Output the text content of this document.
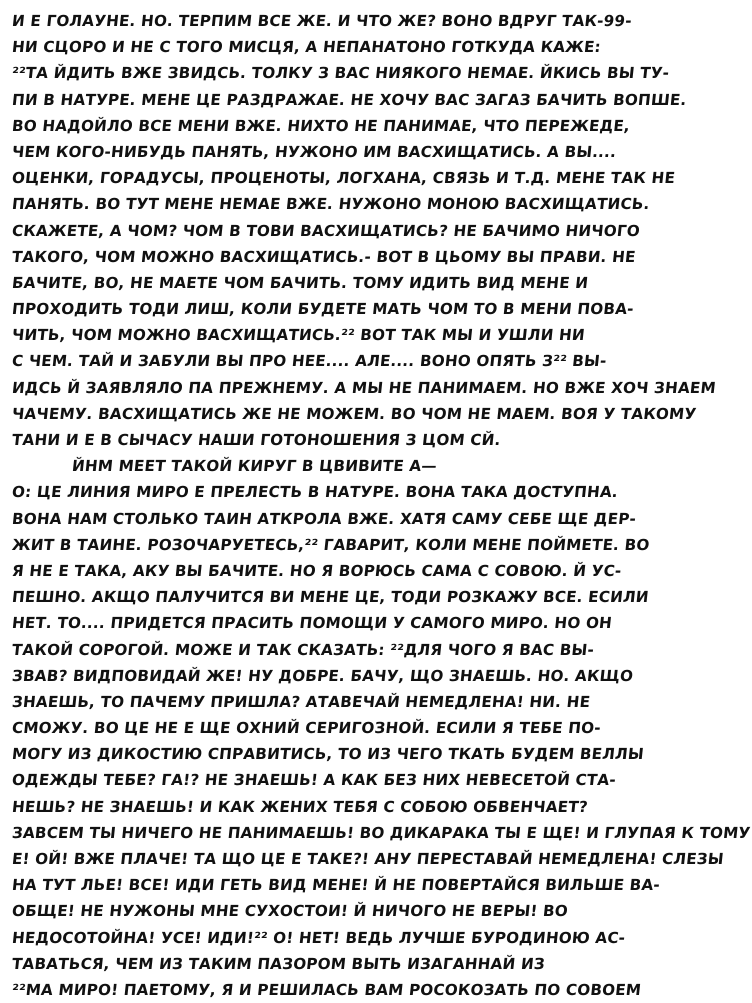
И Е ГОЛАУНЕ. НО. ТЕРПИМ ВСЕ ЖЕ. И ЧТО ЖЕ? ВОНО ВДРУГ ТАК-99-
НИ СЦОРО И НЕ С ТОГО МИСЦЯ, А НЕПАНАТОНО ГОТКУДА КАЖЕ:
²²ТА ЙДИТЬ ВЖЕ ЗВИДСЬ. ТОЛКУ З ВАС НИЯКОГО НЕМАЕ. ЙКИСЬ ВЫ ТУ-
ПИ В НАТУРЕ. МЕНЕ ЦЕ РАЗДРАЖАЕ. НЕ ХОЧУ ВАС ЗАГАЗ БАЧИТЬ ВОПШЕ.
ВО НАДОЙЛО ВСЕ МЕНИ ВЖЕ. НИХТО НЕ ПАНИМАЕ, ЧТО ПЕРЕЖЕДЕ,
ЧЕМ КОГО-НИБУДЬ ПАНЯТЬ, НУЖОНО ИМ ВАСХИЩАТИСЬ. А ВЫ....
ОЦЕНКИ, ГОРАДУСЫ, ПРОЦЕНОТЫ, ЛОГХАНА, СВЯЗЬ И Т.Д. МЕНЕ ТАК НЕ
ПАНЯТЬ. ВО ТУТ МЕНЕ НЕМАЕ ВЖЕ. НУЖОНО МОНОЮ ВАСХИЩАТИСЬ.
СКАЖЕТЕ, А ЧОМ? ЧОМ В ТОВИ ВАСХИЩАТИСЬ? НЕ БАЧИМО НИЧОГО
ТАКОГО, ЧОМ МОЖНО ВАСХИЩАТИСЬ.- ВОТ В ЦЬОМУ ВЫ ПРАВИ. НЕ
БАЧИТЕ, ВО, НЕ МАЕТЕ ЧОМ БАЧИТЬ. ТОМУ ИДИТЬ ВИД МЕНЕ И
ПРОХОДИТЬ ТОДИ ЛИШ, КОЛИ БУДЕТЕ МАТЬ ЧОМ ТО В МЕНИ ПОВА-
ЧИТЬ, ЧОМ МОЖНО ВАСХИЩАТИСЬ.²² ВОТ ТАК МЫ И УШЛИ НИ
С ЧЕМ. ТАЙ И ЗАБУЛИ ВЫ ПРО НЕЕ.... АЛЕ.... ВОНО ОПЯТЬ З²² ВЫ-
ИДСЬ Й ЗАЯВЛЯЛО ПА ПРЕЖНЕМУ. А МЫ НЕ ПАНИМАЕМ. НО ВЖЕ ХОЧ ЗНАЕМ
ЧАЧЕМУ. ВАСХИЩАТИСЬ ЖЕ НЕ МОЖЕМ. ВО ЧОМ НЕ МАЕМ. ВОЯ У ТАКОМУ
ТАНИ И Е В СЫЧАСУ НАШИ ГОТОНОШЕНИЯ З ЦОМ СЙ.
ЙНМ МЕЕТ ТАКОЙ КИРУГ В ЦВИВИТЕ А—
О: ЦЕ ЛИНИЯ МИРО Е ПРЕЛЕСТЬ В НАТУРЕ. ВОНА ТАКА ДОСТУПНА.
ВОНА НАМ СТОЛЬКО ТАИН АТКРОЛА ВЖЕ. ХАТЯ САМУ СЕБЕ ЩЕ ДЕР-
ЖИТ В ТАИНЕ. РОЗОЧАРУЕТЕСЬ,²² ГАВАРИТ, КОЛИ МЕНЕ ПОЙМЕТЕ. ВО
Я НЕ Е ТАКА, АКУ ВЫ БАЧИТЕ. НО Я ВОРЮСЬ САМА С СОВОЮ. Й УС-
ПЕШНО. АКЩО ПАЛУЧИТСЯ ВИ МЕНЕ ЦЕ, ТОДИ РОЗКАЖУ ВСЕ. ЕСИЛИ
НЕТ. ТО.... ПРИДЕТСЯ ПРАСИТЬ ПОМОЩИ У САМОГО МИРО. НО ОН
ТАКОЙ СОРОГОЙ. МОЖЕ И ТАК СКАЗАТЬ: ²²ДЛЯ ЧОГО Я ВАС ВЫ-
ЗВАВ? ВИДПОВИДАЙ ЖЕ! НУ ДОБРЕ. БАЧУ, ЩО ЗНАЕШЬ. НО. АКЩО
ЗНАЕШЬ, ТО ПАЧЕМУ ПРИШЛА? АТАВЕЧАЙ НЕМЕДЛЕНА! НИ. НЕ
СМОЖУ. ВО ЦЕ НЕ Е ЩЕ ОХНИЙ СЕРИГОЗНОЙ. ЕСИЛИ Я ТЕБЕ ПО-
МОГУ ИЗ ДИКОСТИЮ СПРАВИТИСЬ, ТО ИЗ ЧЕГО ТКАТЬ БУДЕМ ВЕЛЛЫ
ОДЕЖДЫ ТЕБЕ? ГА!? НЕ ЗНАЕШЬ! А КАК БЕЗ НИХ НЕВЕСЕТОЙ СТА-
НЕШЬ? НЕ ЗНАЕШЬ! И КАК ЖЕНИХ ТЕБЯ С СОБОЮ ОБВЕНЧАЕТ?
ЗАВСЕМ ТЫ НИЧЕГО НЕ ПАНИМАЕШЬ! ВО ДИКАРАКА ТЫ Е ЩЕ! И ГЛУПАЯ К ТОМУ
Е! ОЙ! ВЖЕ ПЛАЧЕ! ТА ЩО ЦЕ Е ТАКЕ?! АНУ ПЕРЕСТАВАЙ НЕМЕДЛЕНА! СЛЕЗЫ
НА ТУТ ЛЬЕ! ВСЕ! ИДИ ГЕТЬ ВИД МЕНЕ! Й НЕ ПОВЕРТАЙСЯ ВИЛЬШЕ ВА-
ОБЩЕ! НЕ НУЖОНЫ МНЕ СУХОСТОИ! Й НИЧОГО НЕ ВЕРЫ! ВО
НЕДОСОТОЙНА! УСЕ! ИДИ!²² О! НЕТ! ВЕДЬ ЛУЧШЕ БУРОДИНОЮ АС-
ТАВАТЬСЯ, ЧЕМ ИЗ ТАКИМ ПАЗОРОМ ВЫТЬ ИЗАГАННАЙ ИЗ
²²МА МИРО! ПАЕТОМУ, Я И РЕШИЛАСЬ ВАМ РОСОКОЗАТЬ ПО СОВОЕМ
